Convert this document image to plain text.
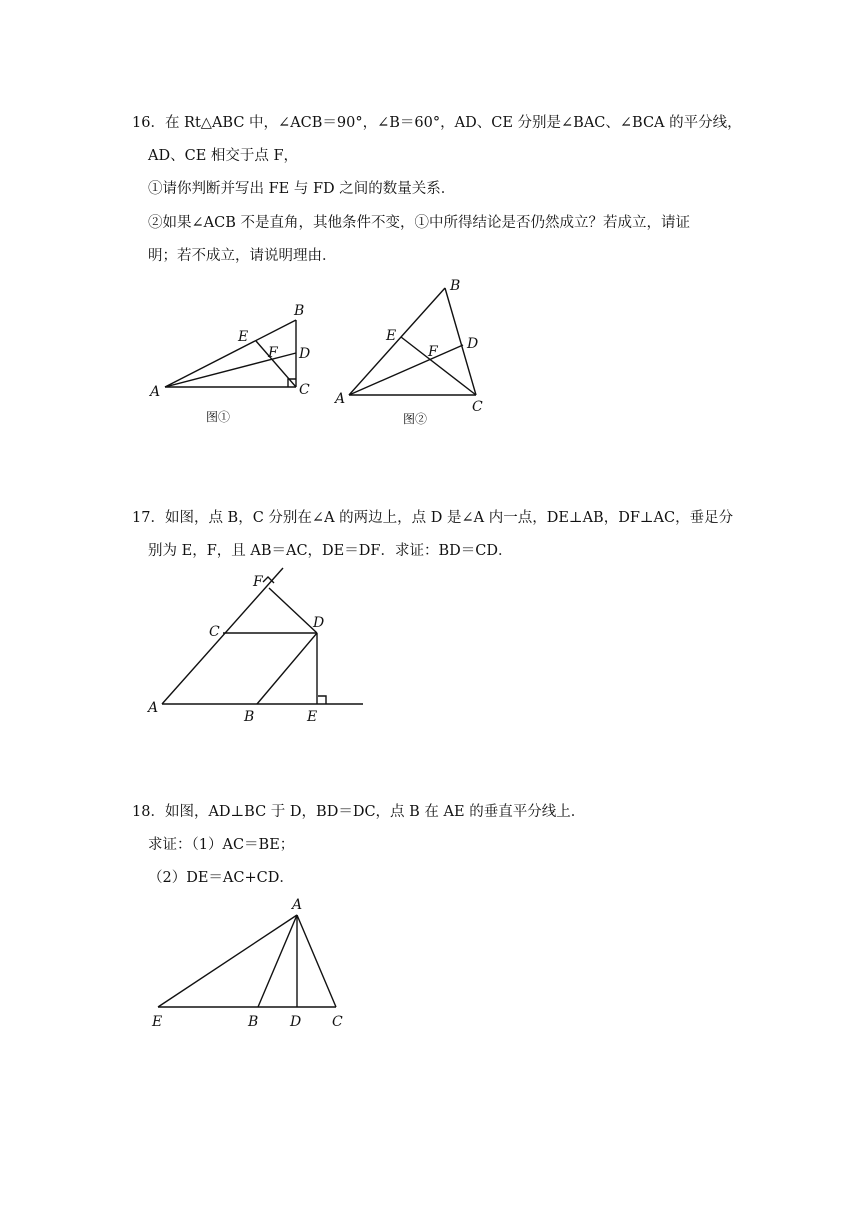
16．在 Rt△ABC 中，∠ACB＝90°，∠B＝60°，AD、CE 分别是∠BAC、∠BCA 的平分线，
AD、CE 相交于点 F，
①请你判断并写出 FE 与 FD 之间的数量关系．
②如果∠ACB 不是直角，其他条件不变，①中所得结论是否仍然成立？若成立，请证
明；若不成立，请说明理由．
A
B
C
D
E
F
图①
A
B
C
D
E
F
图②
17．如图，点 B，C 分别在∠A 的两边上，点 D 是∠A 内一点，DE⊥AB，DF⊥AC，垂足分
别为 E，F，且 AB＝AC，DE＝DF．求证：BD＝CD．
A
B
C
D
E
F
18．如图，AD⊥BC 于 D，BD＝DC，点 B 在 AE 的垂直平分线上．
求证：（1）AC＝BE；
（2）DE＝AC+CD．
A
B D C
E
